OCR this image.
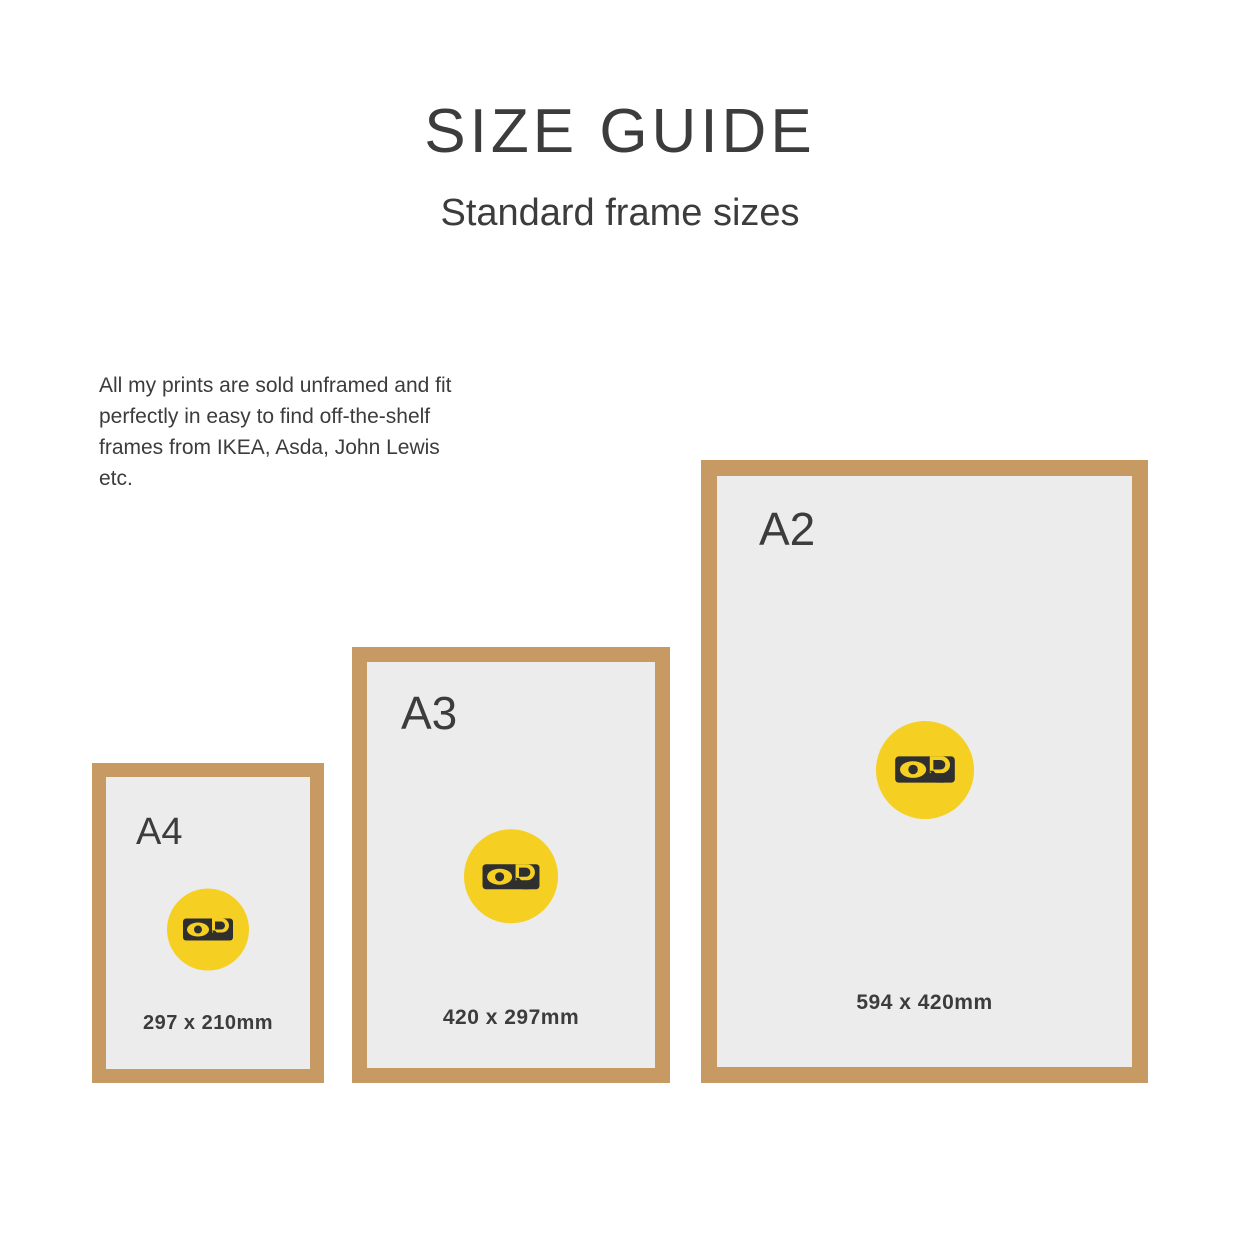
SIZE GUIDE
Standard frame sizes
All my prints are sold unframed and fit perfectly in easy to find off-the-shelf frames from IKEA, Asda, John Lewis etc.
A4
297 x 210mm
A3
420 x 297mm
A2
594 x 420mm
